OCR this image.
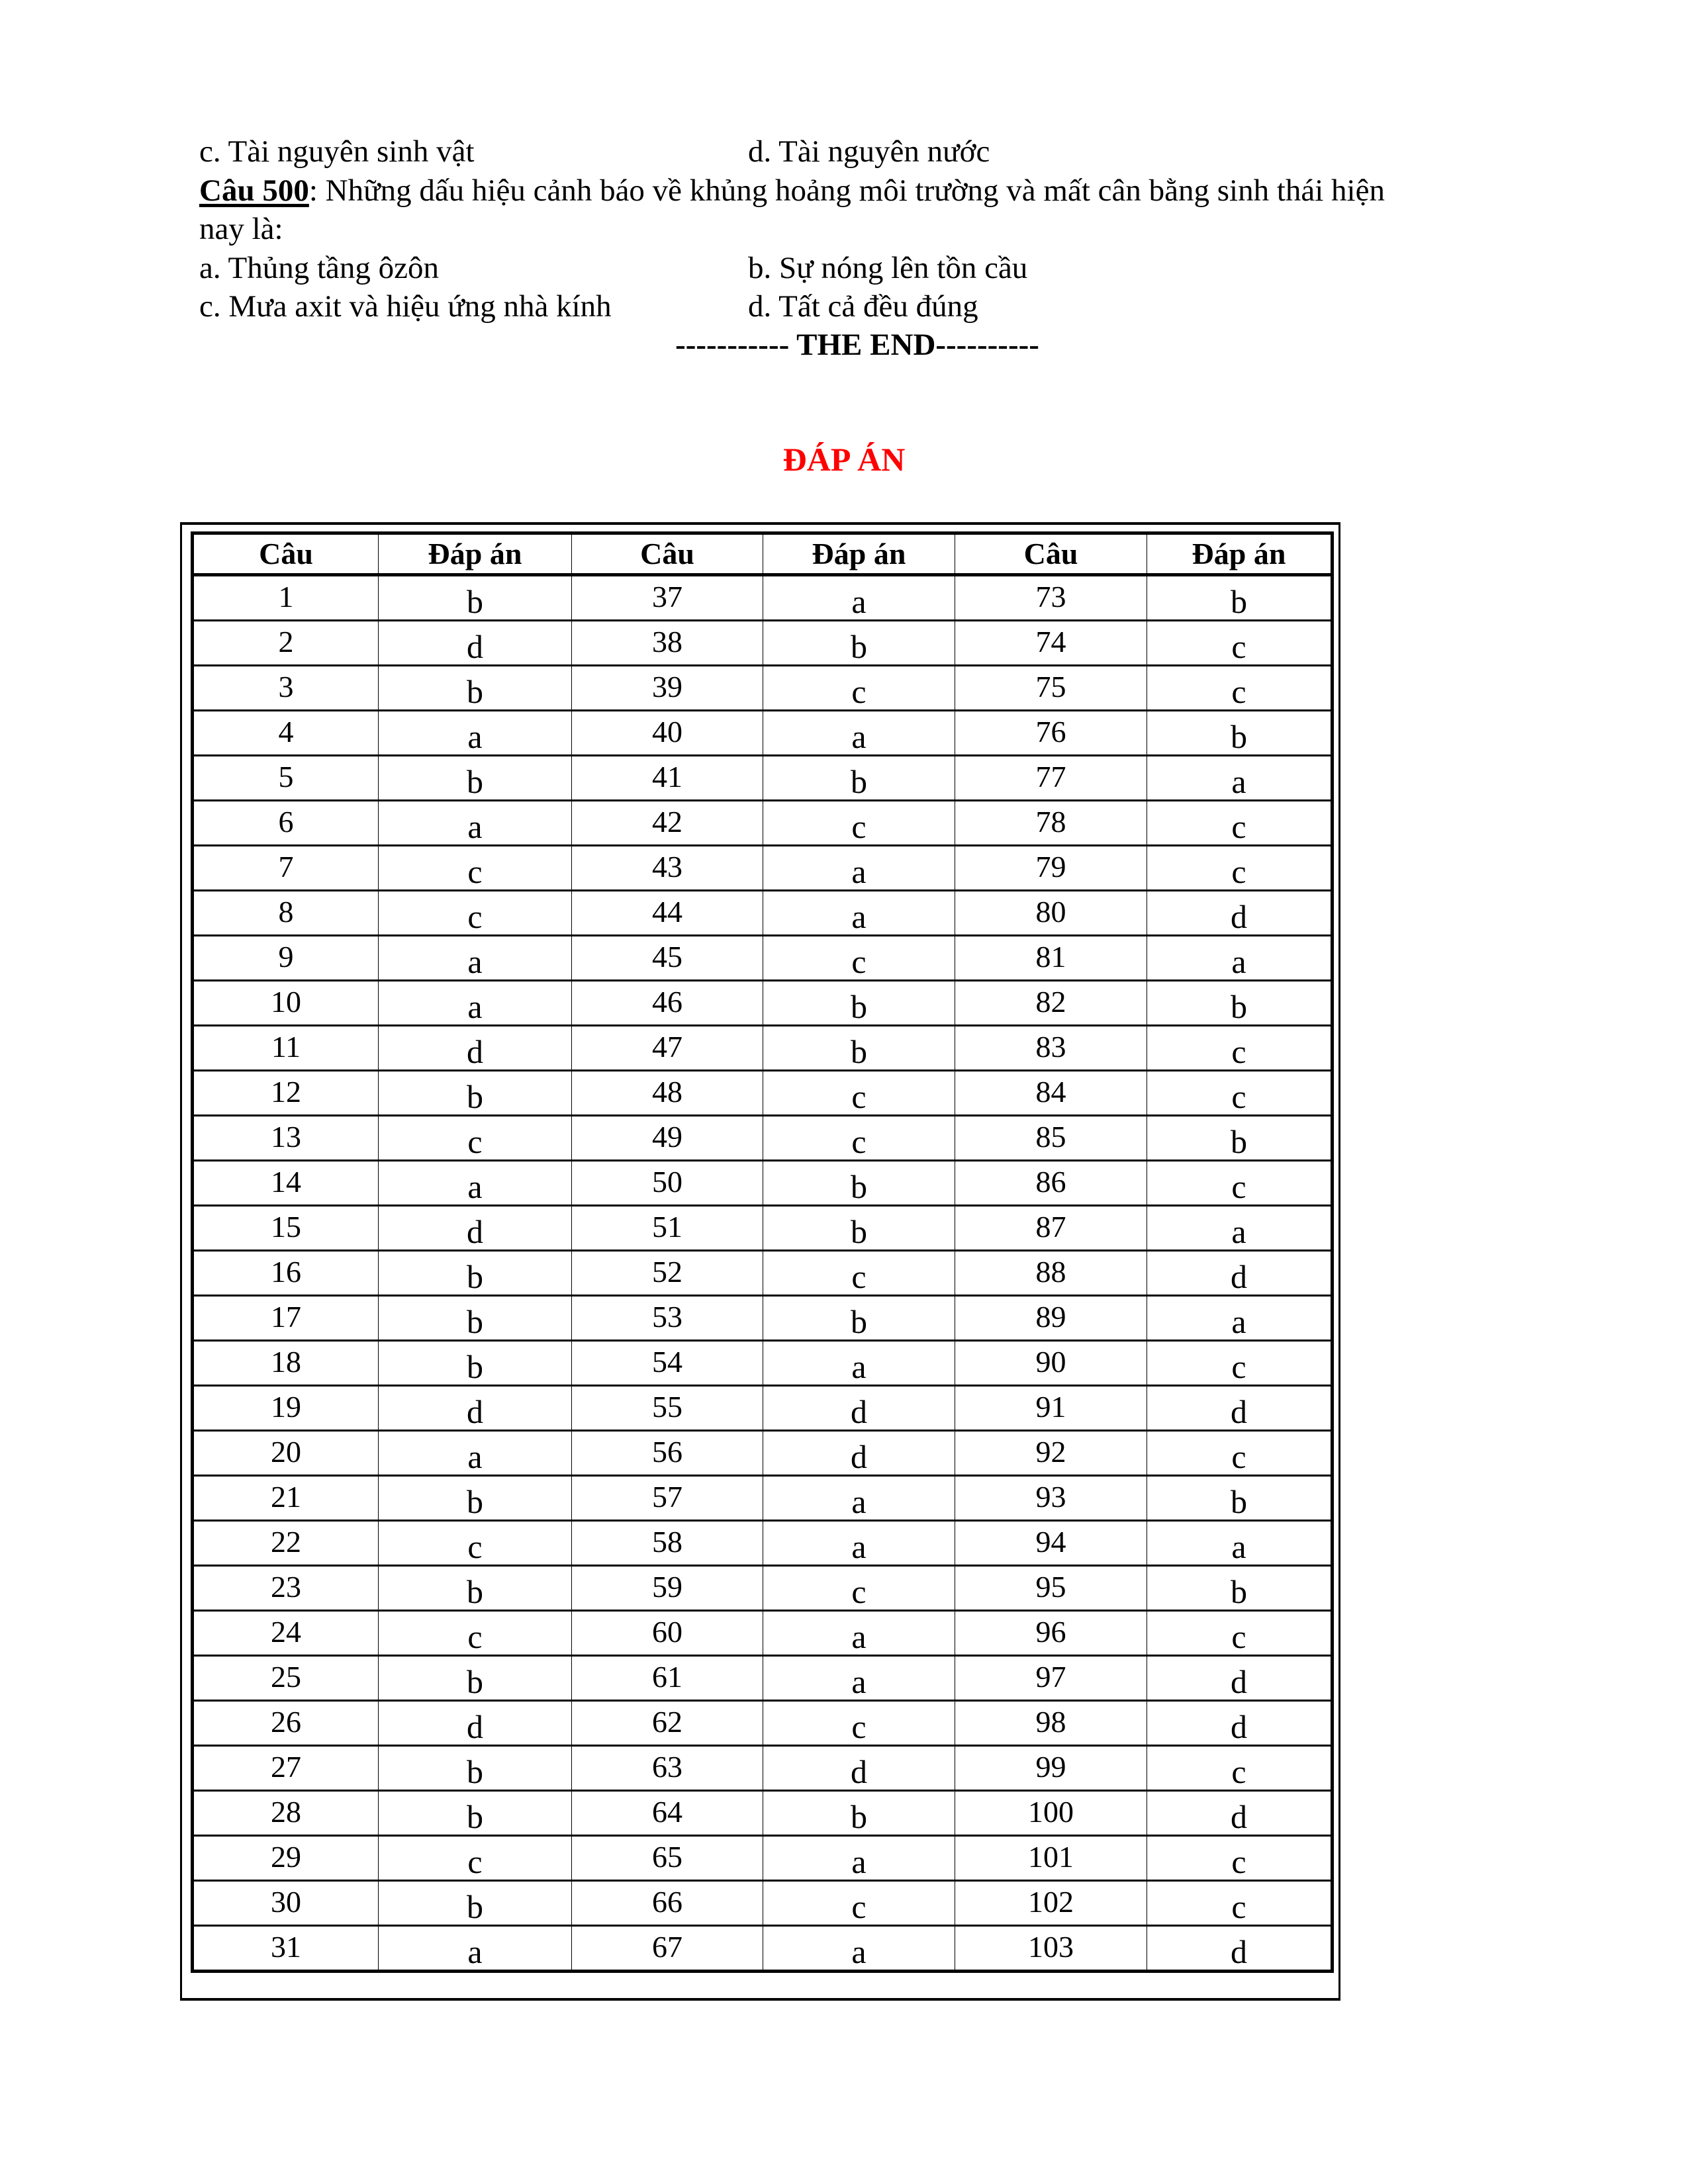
c. Tài nguyên sinh vật	d. Tài nguyên nước
Câu 500: Những dấu hiệu cảnh báo về khủng hoảng môi trường và mất cân bằng sinh thái hiện
nay là:
a. Thủng tầng ôzôn	b. Sự nóng lên tồn cầu
c. Mưa axit và hiệu ứng nhà kính	d. Tất cả đều đúng
----------- THE END----------
ĐÁP ÁN
Câu	Đáp án	Câu	Đáp án	Câu	Đáp án
1	b	37	a	73	b
2	d	38	b	74	c
3	b	39	c	75	c
4	a	40	a	76	b
5	b	41	b	77	a
6	a	42	c	78	c
7	c	43	a	79	c
8	c	44	a	80	d
9	a	45	c	81	a
10	a	46	b	82	b
11	d	47	b	83	c
12	b	48	c	84	c
13	c	49	c	85	b
14	a	50	b	86	c
15	d	51	b	87	a
16	b	52	c	88	d
17	b	53	b	89	a
18	b	54	a	90	c
19	d	55	d	91	d
20	a	56	d	92	c
21	b	57	a	93	b
22	c	58	a	94	a
23	b	59	c	95	b
24	c	60	a	96	c
25	b	61	a	97	d
26	d	62	c	98	d
27	b	63	d	99	c
28	b	64	b	100	d
29	c	65	a	101	c
30	b	66	c	102	c
31	a	67	a	103	d
